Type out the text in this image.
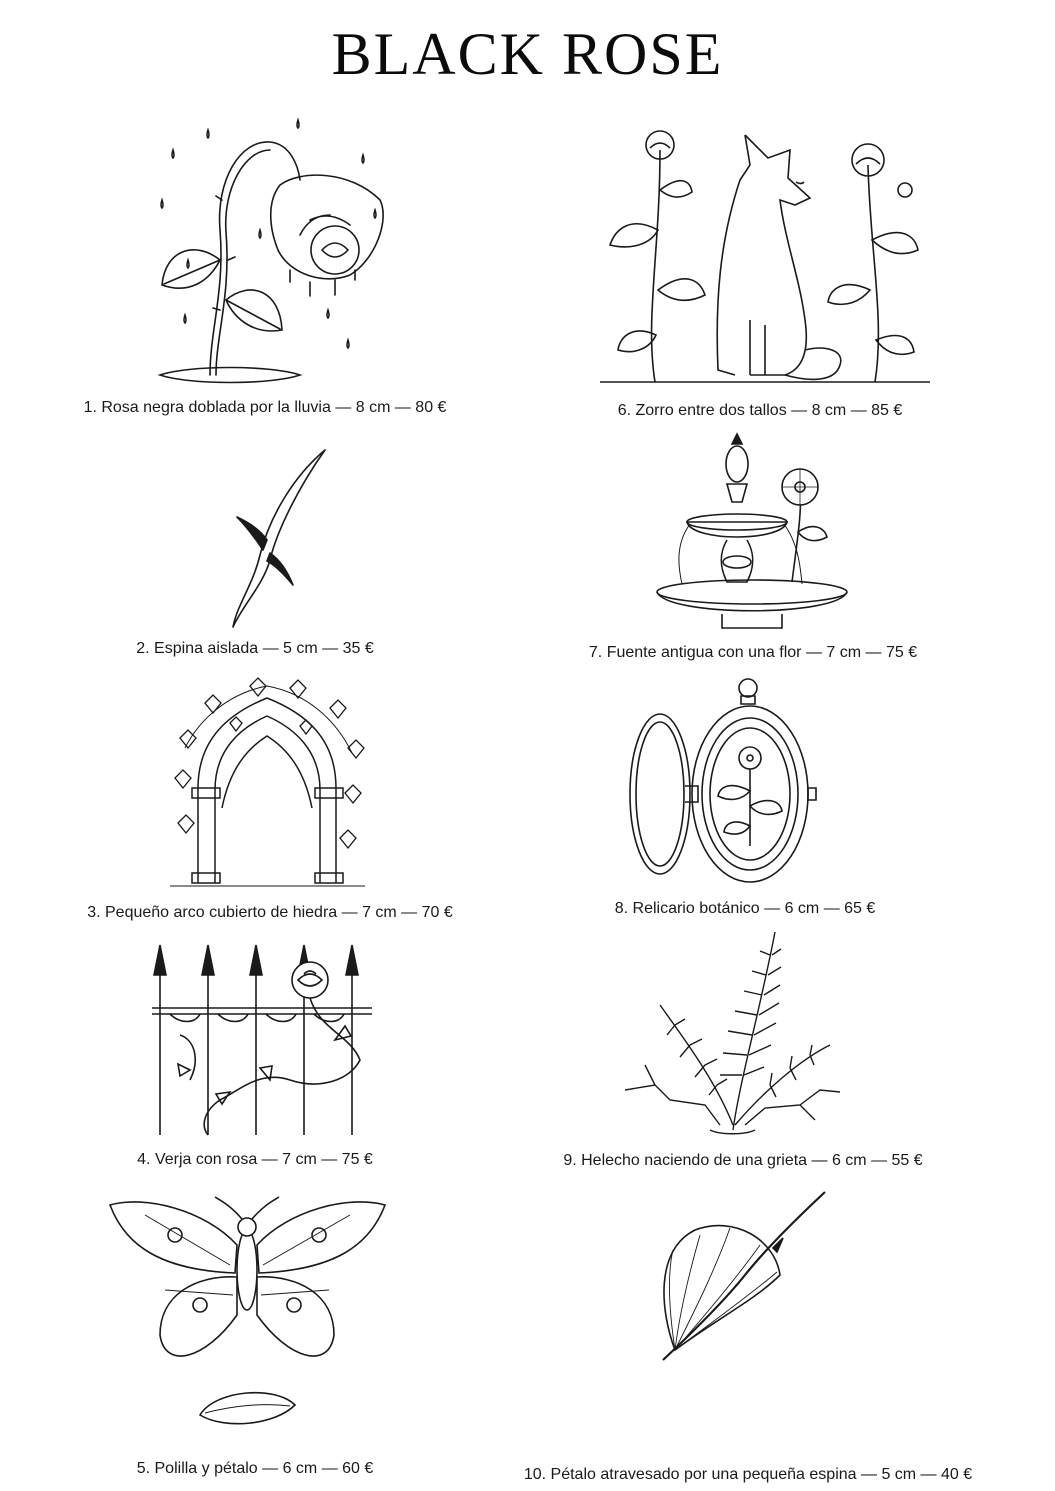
BLACK ROSE
1. Rosa negra doblada por la lluvia — 8 cm — 80 €
2. Espina aislada — 5 cm — 35 €
3. Pequeño arco cubierto de hiedra — 7 cm — 70 €
4. Verja con rosa — 7 cm — 75 €
5. Polilla y pétalo — 6 cm — 60 €
6. Zorro entre dos tallos — 8 cm — 85 €
7. Fuente antigua con una flor — 7 cm — 75 €
8. Relicario botánico — 6 cm — 65 €
9. Helecho naciendo de una grieta — 6 cm — 55 €
10. Pétalo atravesado por una pequeña espina — 5 cm — 40 €
